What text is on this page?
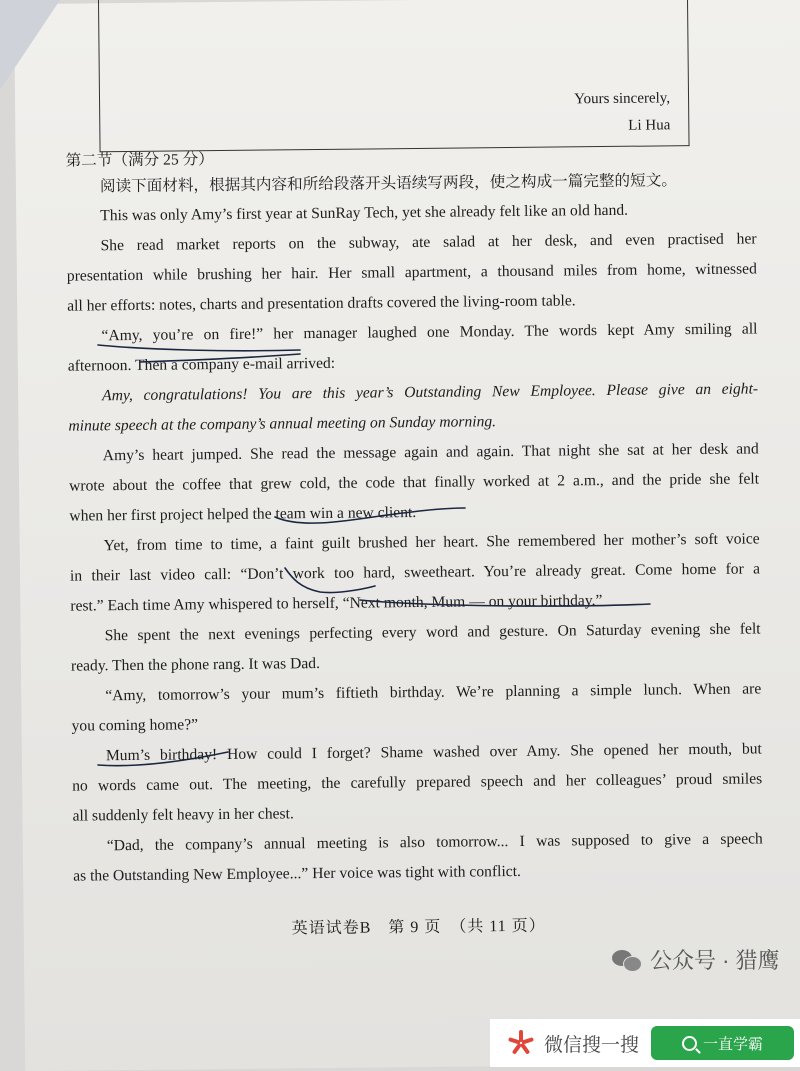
Yours sincerely,
Li Hua

第二节（满分 25 分）

阅读下面材料，根据其内容和所给段落开头语续写两段，使之构成一篇完整的短文。

This was only Amy’s first year at SunRay Tech, yet she already felt like an old hand.

She read market reports on the subway, ate salad at her desk, and even practised her

presentation while brushing her hair. Her small apartment, a thousand miles from home, witnessed

all her efforts: notes, charts and presentation drafts covered the living-room table.

“Amy, you’re on fire!” her manager laughed one Monday. The words kept Amy smiling all

afternoon. Then a company e-mail arrived:

Amy, congratulations! You are this year’s Outstanding New Employee. Please give an eight-

minute speech at the company’s annual meeting on Sunday morning.

Amy’s heart jumped. She read the message again and again. That night she sat at her desk and

wrote about the coffee that grew cold, the code that finally worked at 2 a.m., and the pride she felt

when her first project helped the team win a new client.

Yet, from time to time, a faint guilt brushed her heart. She remembered her mother’s soft voice

in their last video call: “Don’t work too hard, sweetheart. You’re already great. Come home for a

rest.” Each time Amy whispered to herself, “Next month, Mum — on your birthday.”

She spent the next evenings perfecting every word and gesture. On Saturday evening she felt

ready. Then the phone rang. It was Dad.

“Amy, tomorrow’s your mum’s fiftieth birthday. We’re planning a simple lunch. When are

you coming home?”

Mum’s birthday! How could I forget? Shame washed over Amy. She opened her mouth, but

no words came out. The meeting, the carefully prepared speech and her colleagues’ proud smiles

all suddenly felt heavy in her chest.

“Dad, the company’s annual meeting is also tomorrow... I was supposed to give a speech

as the Outstanding New Employee...” Her voice was tight with conflict.

英语试卷B　第 9 页　（共 11 页）
公众号 · 猎鹰
微信搜一搜	一直学霸
